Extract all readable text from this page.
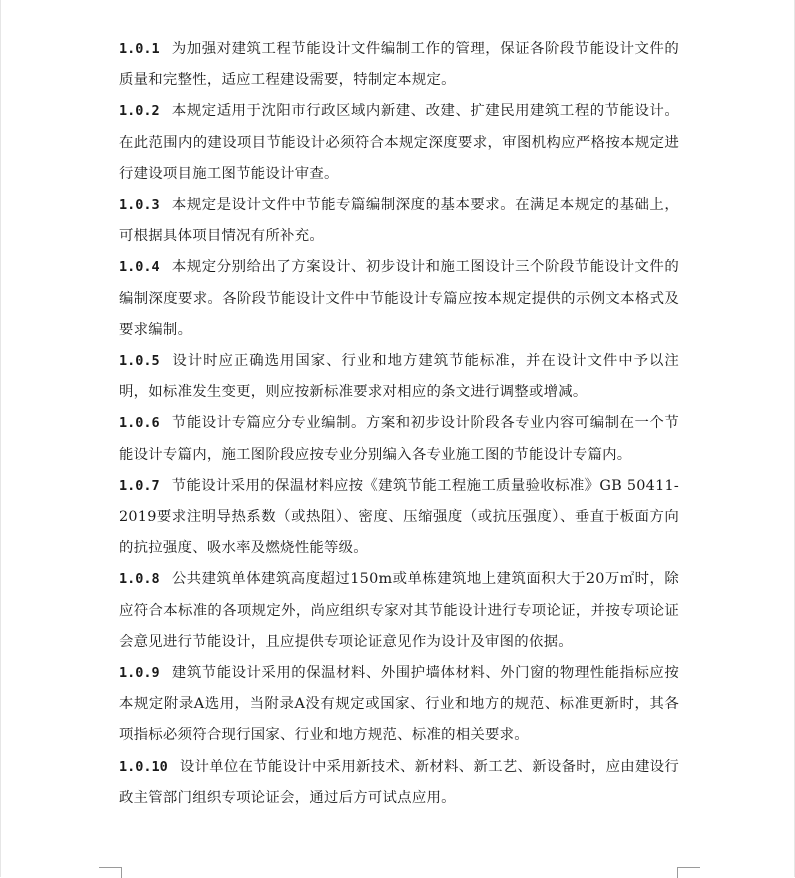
1.0.1 为加强对建筑工程节能设计文件编制工作的管理，保证各阶段节能设计文件的质量和完整性，适应工程建设需要，特制定本规定。

1.0.2 本规定适用于沈阳市行政区域内新建、改建、扩建民用建筑工程的节能设计。在此范围内的建设项目节能设计必须符合本规定深度要求，审图机构应严格按本规定进行建设项目施工图节能设计审查。

1.0.3 本规定是设计文件中节能专篇编制深度的基本要求。在满足本规定的基础上，可根据具体项目情况有所补充。

1.0.4 本规定分别给出了方案设计、初步设计和施工图设计三个阶段节能设计文件的编制深度要求。各阶段节能设计文件中节能设计专篇应按本规定提供的示例文本格式及要求编制。

1.0.5 设计时应正确选用国家、行业和地方建筑节能标准，并在设计文件中予以注明，如标准发生变更，则应按新标准要求对相应的条文进行调整或增减。

1.0.6 节能设计专篇应分专业编制。方案和初步设计阶段各专业内容可编制在一个节能设计专篇内，施工图阶段应按专业分别编入各专业施工图的节能设计专篇内。

1.0.7 节能设计采用的保温材料应按《建筑节能工程施工质量验收标准》GB 50411-2019要求注明导热系数（或热阻）、密度、压缩强度（或抗压强度）、垂直于板面方向的抗拉强度、吸水率及燃烧性能等级。

1.0.8 公共建筑单体建筑高度超过150m或单栋建筑地上建筑面积大于20万㎡时，除应符合本标准的各项规定外，尚应组织专家对其节能设计进行专项论证，并按专项论证会意见进行节能设计，且应提供专项论证意见作为设计及审图的依据。

1.0.9 建筑节能设计采用的保温材料、外围护墙体材料、外门窗的物理性能指标应按本规定附录A选用，当附录A没有规定或国家、行业和地方的规范、标准更新时，其各项指标必须符合现行国家、行业和地方规范、标准的相关要求。

1.0.10 设计单位在节能设计中采用新技术、新材料、新工艺、新设备时，应由建设行政主管部门组织专项论证会，通过后方可试点应用。
